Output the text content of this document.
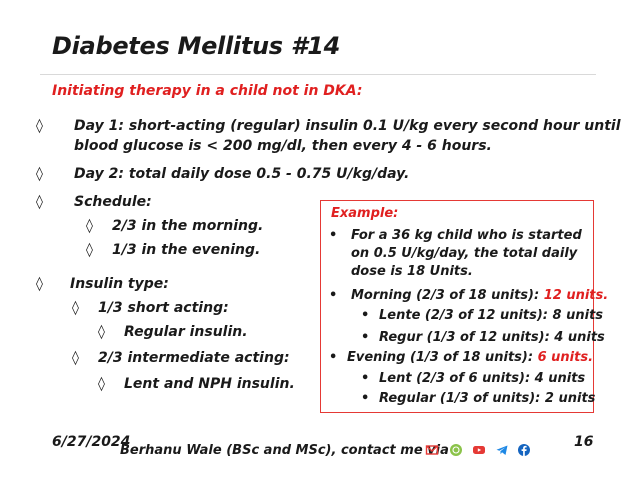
Diabetes Mellitus #14
Initiating therapy in a child not in DKA:
◊ Day 1: short-acting (regular) insulin 0.1 U/kg every second hour until
blood glucose is < 200 mg/dl, then every 4 - 6 hours.
◊ Day 2: total daily dose 0.5 - 0.75 U/kg/day.
◊ Schedule:
◊ 2/3 in the morning.
◊ 1/3 in the evening.
◊ Insulin type:
◊ 1/3 short acting:
◊ Regular insulin.
◊ 2/3 intermediate acting:
◊ Lent and NPH insulin.
Example:
• For a 36 kg child who is started
on 0.5 U/kg/day, the total daily
dose is 18 Units.
• Morning (2/3 of 18 units): 12 units.
• Lente (2/3 of 12 units): 8 units
• Regur (1/3 of 12 units): 4 units
• Evening (1/3 of 18 units): 6 units.
• Lent (2/3 of 6 units): 4 units
• Regular (1/3 of units): 2 units
6/27/2024
Berhanu Wale (BSc and MSc), contact me via
16
